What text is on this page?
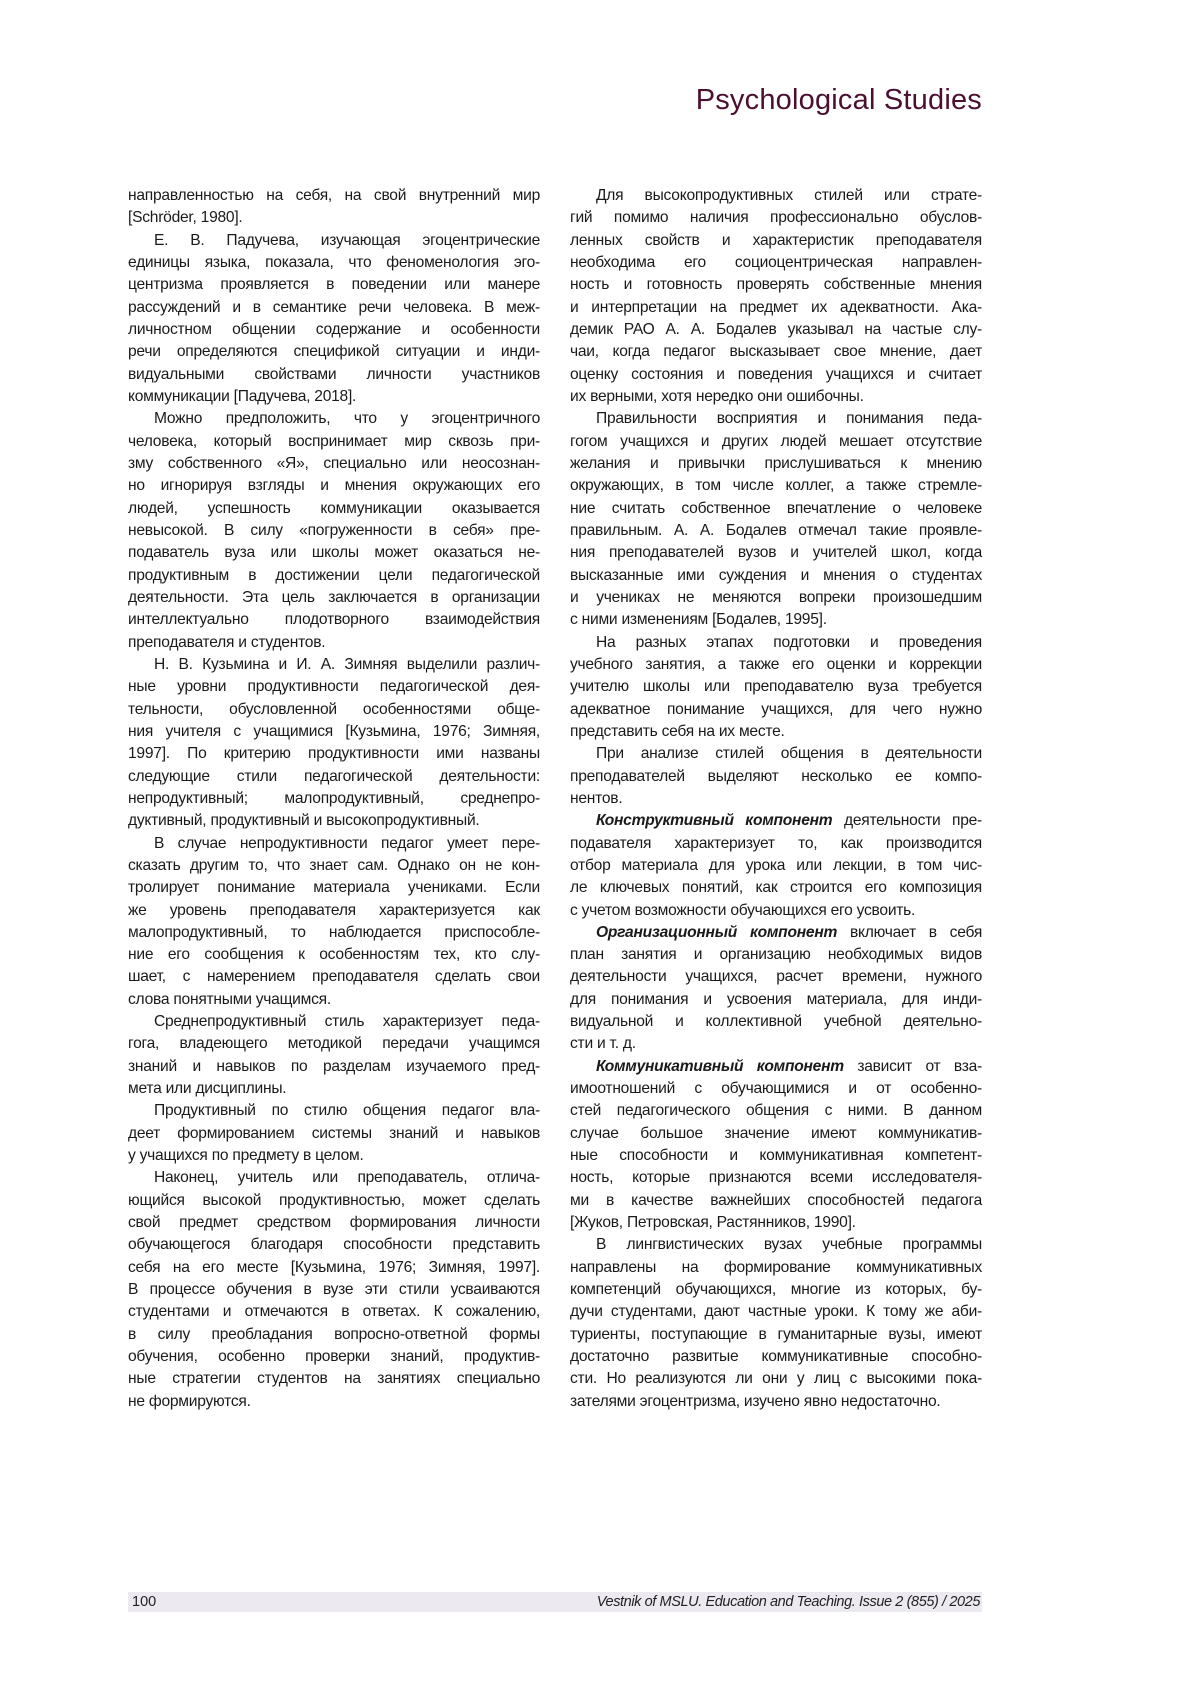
Psychological Studies
направленностью на себя, на свой внутренний мир
[Schröder, 1980].
Е. В. Падучева, изучающая эгоцентрические
единицы языка, показала, что феноменология эго-
центризма проявляется в поведении или манере
рассуждений и в семантике речи человека. В меж-
личностном общении содержание и особенности
речи определяются спецификой ситуации и инди-
видуальными свойствами личности участников
коммуникации [Падучева, 2018].
Можно предположить, что у эгоцентричного
человека, который воспринимает мир сквозь при-
зму собственного «Я», специально или неосознан-
но игнорируя взгляды и мнения окружающих его
людей, успешность коммуникации оказывается
невысокой. В силу «погруженности в себя» пре-
подаватель вуза или школы может оказаться не-
продуктивным в достижении цели педагогической
деятельности. Эта цель заключается в организации
интеллектуально плодотворного взаимодействия
преподавателя и студентов.
Н. В. Кузьмина и И. А. Зимняя выделили различ-
ные уровни продуктивности педагогической дея-
тельности, обусловленной особенностями обще-
ния учителя с учащимися [Кузьмина, 1976; Зимняя,
1997]. По критерию продуктивности ими названы
следующие стили педагогической деятельности:
непродуктивный; малопродуктивный, среднепро-
дуктивный, продуктивный и высокопродуктивный.
В случае непродуктивности педагог умеет пере-
сказать другим то, что знает сам. Однако он не кон-
тролирует понимание материала учениками. Если
же уровень преподавателя характеризуется как
малопродуктивный, то наблюдается приспособле-
ние его сообщения к особенностям тех, кто слу-
шает, с намерением преподавателя сделать свои
слова понятными учащимся.
Среднепродуктивный стиль характеризует педа-
гога, владеющего методикой передачи учащимся
знаний и навыков по разделам изучаемого пред-
мета или дисциплины.
Продуктивный по стилю общения педагог вла-
деет формированием системы знаний и навыков
у учащихся по предмету в целом.
Наконец, учитель или преподаватель, отлича-
ющийся высокой продуктивностью, может сделать
свой предмет средством формирования личности
обучающегося благодаря способности представить
себя на его месте [Кузьмина, 1976; Зимняя, 1997].
В процессе обучения в вузе эти стили усваиваются
студентами и отмечаются в ответах. К сожалению,
в силу преобладания вопросно-ответной формы
обучения, особенно проверки знаний, продуктив-
ные стратегии студентов на занятиях специально
не формируются.
Для высокопродуктивных стилей или страте-
гий помимо наличия профессионально обуслов-
ленных свойств и характеристик преподавателя
необходима его социоцентрическая направлен-
ность и готовность проверять собственные мнения
и интерпретации на предмет их адекватности. Ака-
демик РАО А. А. Бодалев указывал на частые слу-
чаи, когда педагог высказывает свое мнение, дает
оценку состояния и поведения учащихся и считает
их верными, хотя нередко они ошибочны.
Правильности восприятия и понимания педа-
гогом учащихся и других людей мешает отсутствие
желания и привычки прислушиваться к мнению
окружающих, в том числе коллег, а также стремле-
ние считать собственное впечатление о человеке
правильным. А. А. Бодалев отмечал такие проявле-
ния преподавателей вузов и учителей школ, когда
высказанные ими суждения и мнения о студентах
и учениках не меняются вопреки произошедшим
с ними изменениям [Бодалев, 1995].
На разных этапах подготовки и проведения
учебного занятия, а также его оценки и коррекции
учителю школы или преподавателю вуза требуется
адекватное понимание учащихся, для чего нужно
представить себя на их месте.
При анализе стилей общения в деятельности
преподавателей выделяют несколько ее компо-
нентов.
Конструктивный компонент деятельности пре-
подавателя характеризует то, как производится
отбор материала для урока или лекции, в том чис-
ле ключевых понятий, как строится его композиция
с учетом возможности обучающихся его усвоить.
Организационный компонент включает в себя
план занятия и организацию необходимых видов
деятельности учащихся, расчет времени, нужного
для понимания и усвоения материала, для инди-
видуальной и коллективной учебной деятельно-
сти и т. д.
Коммуникативный компонент зависит от вза-
имоотношений с обучающимися и от особенно-
стей педагогического общения с ними. В данном
случае большое значение имеют коммуникатив-
ные способности и коммуникативная компетент-
ность, которые признаются всеми исследователя-
ми в качестве важнейших способностей педагога
[Жуков, Петровская, Растянников, 1990].
В лингвистических вузах учебные программы
направлены на формирование коммуникативных
компетенций обучающихся, многие из которых, бу-
дучи студентами, дают частные уроки. К тому же аби-
туриенты, поступающие в гуманитарные вузы, имеют
достаточно развитые коммуникативные способно-
сти. Но реализуются ли они у лиц с высокими пока-
зателями эгоцентризма, изучено явно недостаточно.
100	Vestnik of MSLU. Education and Teaching. Issue 2 (855) / 2025
